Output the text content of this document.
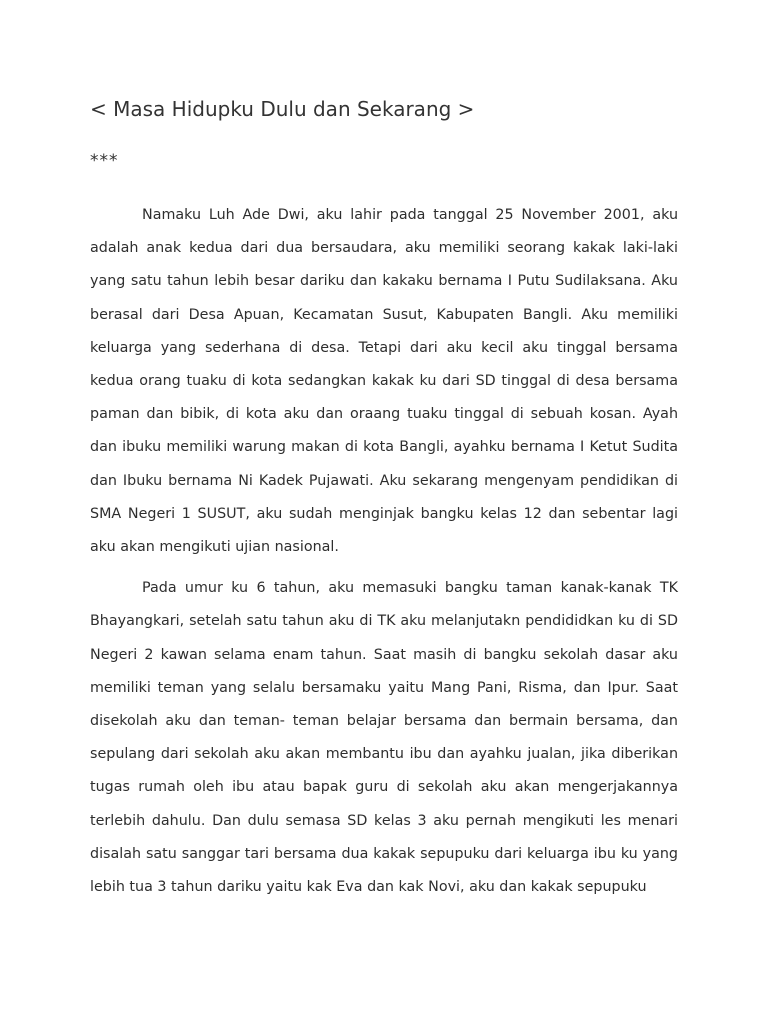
< Masa Hidupku Dulu dan Sekarang >
***

Namaku Luh Ade Dwi, aku lahir pada tanggal 25 November 2001, aku adalah anak kedua dari dua bersaudara, aku memiliki seorang kakak laki-laki yang satu tahun lebih besar dariku dan kakaku bernama I Putu Sudilaksana. Aku berasal dari Desa Apuan, Kecamatan Susut, Kabupaten Bangli. Aku memiliki keluarga yang sederhana di desa. Tetapi dari aku kecil aku tinggal bersama kedua orang tuaku di kota sedangkan kakak ku dari SD tinggal di desa bersama paman dan bibik, di kota aku dan oraang tuaku tinggal di sebuah kosan. Ayah dan ibuku memiliki warung makan di kota Bangli, ayahku bernama I Ketut Sudita dan Ibuku bernama Ni Kadek Pujawati. Aku sekarang mengenyam pendidikan di SMA Negeri 1 SUSUT, aku sudah menginjak bangku kelas 12 dan sebentar lagi aku akan mengikuti ujian nasional.

Pada umur ku 6 tahun, aku memasuki bangku taman kanak-kanak TK Bhayangkari, setelah satu tahun aku di TK aku melanjutakn pendididkan ku di SD Negeri 2 kawan selama enam tahun. Saat masih di bangku sekolah dasar aku memiliki teman yang selalu bersamaku yaitu Mang Pani, Risma, dan Ipur. Saat disekolah aku dan teman- teman belajar bersama dan bermain bersama, dan sepulang dari sekolah aku akan membantu ibu dan ayahku jualan, jika diberikan tugas rumah oleh ibu atau bapak guru di sekolah aku akan mengerjakannya terlebih dahulu. Dan dulu semasa SD kelas 3 aku pernah mengikuti les menari disalah satu sanggar tari bersama dua kakak sepupuku dari keluarga ibu ku yang lebih tua 3 tahun dariku yaitu kak Eva dan kak Novi, aku dan kakak sepupuku
